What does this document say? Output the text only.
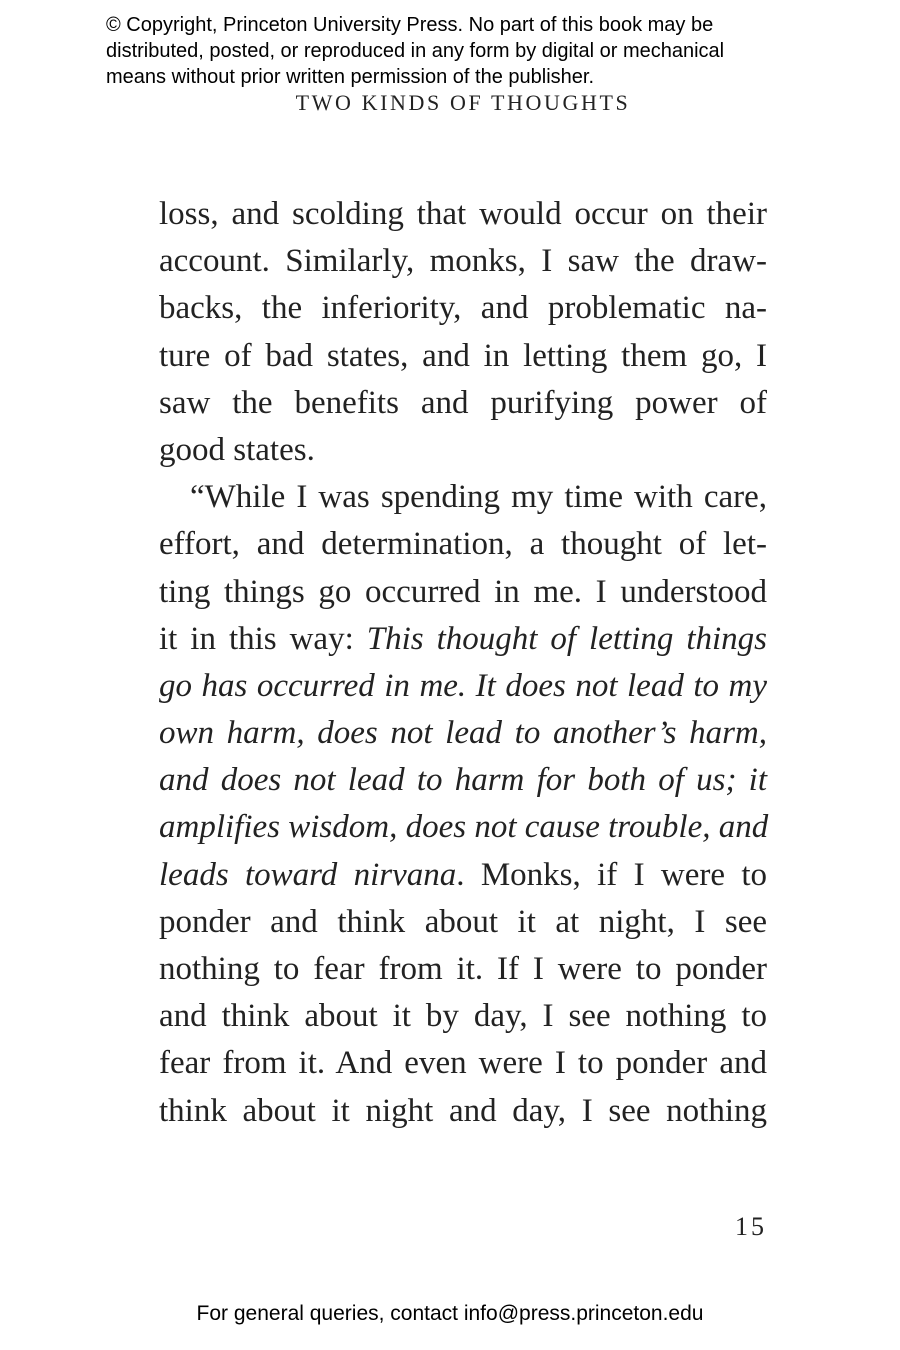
© Copyright, Princeton University Press. No part of this book may be
distributed, posted, or reproduced in any form by digital or mechanical
means without prior written permission of the publisher.
TWO KINDS OF THOUGHTS
loss, and scolding that would occur on their
account. Similarly, monks, I saw the draw-
backs, the inferiority, and problematic na-
ture of bad states, and in letting them go, I
saw the benefits and purifying power of
good states.
“While I was spending my time with care,
effort, and determination, a thought of let-
ting things go occurred in me. I understood
it in this way: This thought of letting things
go has occurred in me. It does not lead to my
own harm, does not lead to another’s harm,
and does not lead to harm for both of us; it
amplifies wisdom, does not cause trouble, and
leads toward nirvana. Monks, if I were to
ponder and think about it at night, I see
nothing to fear from it. If I were to ponder
and think about it by day, I see nothing to
fear from it. And even were I to ponder and
think about it night and day, I see nothing
15
For general queries, contact info@press.princeton.edu
